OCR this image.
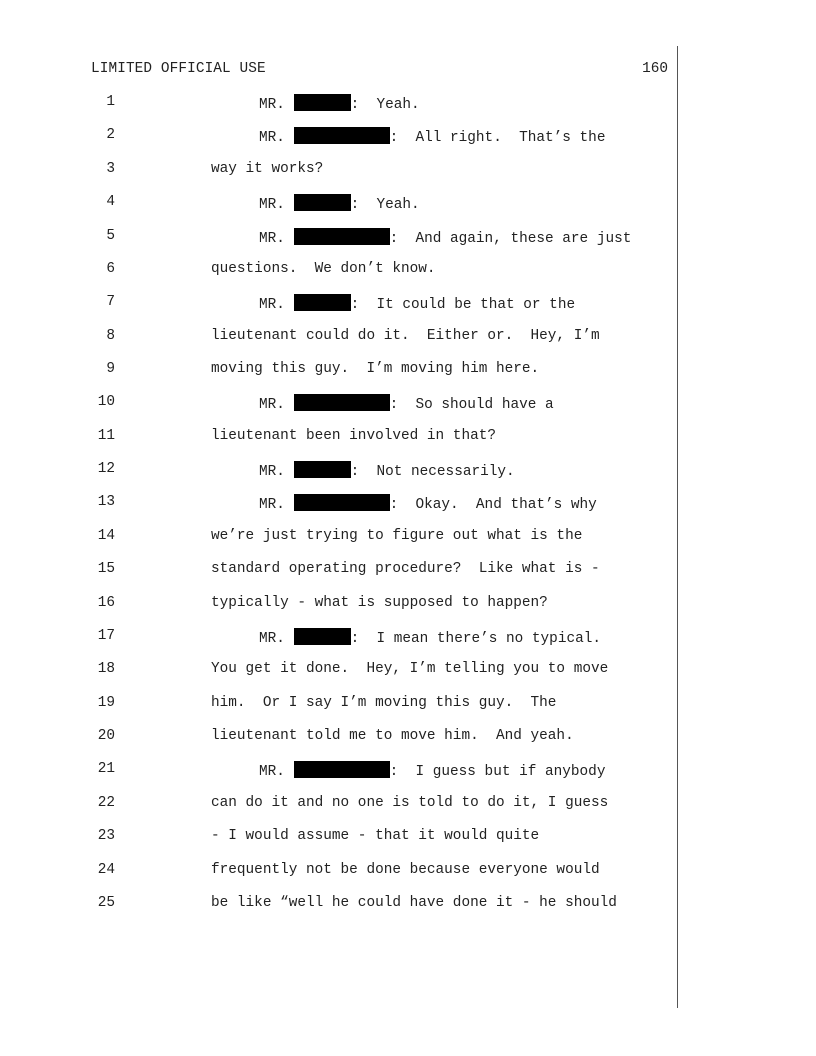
LIMITED OFFICIAL USE	160
1	MR.	:  Yeah.
2	MR.	:  All right.  That’s the
3	way it works?
4	MR.	:  Yeah.
5	MR.	:  And again, these are just
6	questions.  We don’t know.
7	MR.	:  It could be that or the
8	lieutenant could do it.  Either or.  Hey, I’m
9	moving this guy.  I’m moving him here.
10	MR.	:  So should have a
11	lieutenant been involved in that?
12	MR.	:  Not necessarily.
13	MR.	:  Okay.  And that’s why
14	we’re just trying to figure out what is the
15	standard operating procedure?  Like what is -
16	typically - what is supposed to happen?
17	MR.	:  I mean there’s no typical.
18	You get it done.  Hey, I’m telling you to move
19	him.  Or I say I’m moving this guy.  The
20	lieutenant told me to move him.  And yeah.
21	MR.	:  I guess but if anybody
22	can do it and no one is told to do it, I guess
23	- I would assume - that it would quite
24	frequently not be done because everyone would
25	be like “well he could have done it - he should
